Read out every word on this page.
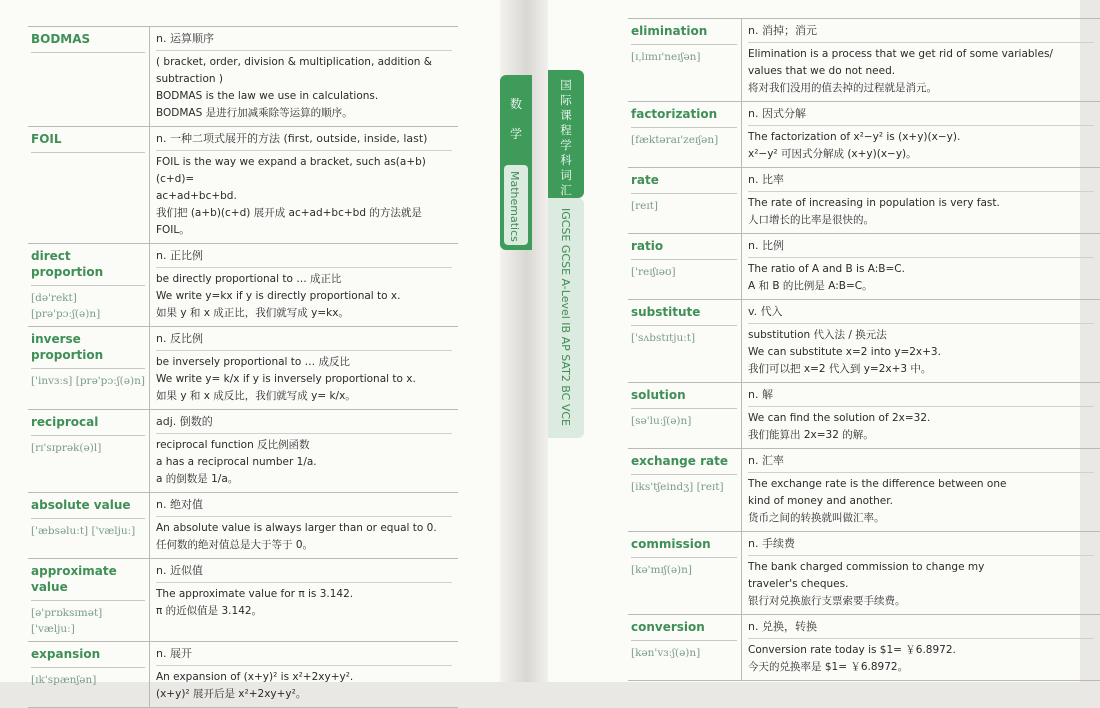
BODMAS	n. 运算顺序
( bracket, order, division & multiplication, addition &
subtraction )
BODMAS is the law we use in calculations.
BODMAS 是进行加减乘除等运算的顺序。
FOIL	n. 一种二项式展开的方法 (first, outside, inside, last)
FOIL is the way we expand a bracket, such as(a+b)(c+d)=
ac+ad+bc+bd.
我们把 (a+b)(c+d) 展开成 ac+ad+bc+bd 的方法就是 FOIL。
direct proportion
[də'rekt] [prə'pɔːʃ(ə)n]
n. 正比例
be directly proportional to … 成正比
We write y=kx if y is directly proportional to x.
如果 y 和 x 成正比，我们就写成 y=kx。
inverse proportion
['invɜːs] [prə'pɔːʃ(ə)n]
n. 反比例
be inversely proportional to … 成反比
We write y= k/x if y is inversely proportional to x.
如果 y 和 x 成反比，我们就写成 y= k/x。
reciprocal
[rɪ'sɪprək(ə)l]
adj. 倒数的
reciprocal function 反比例函数
a has a reciprocal number 1/a.
a 的倒数是 1/a。
absolute value
['æbsəluːt] ['væljuː]
n. 绝对值
An absolute value is always larger than or equal to 0.
任何数的绝对值总是大于等于 0。
approximate value
[ə'prɒksɪmət] ['væljuː]
n. 近似值
The approximate value for π is 3.142.
π 的近似值是 3.142。
expansion
[ɪk'spænʃən]
n. 展开
An expansion of (x+y)² is x²+2xy+y².
(x+y)² 展开后是 x²+2xy+y²。
数 学
Mathematics
elimination
[ɪˌlɪmɪ'neɪʃən]
n. 消掉；消元
Elimination is a process that we get rid of some variables/
values that we do not need.
将对我们没用的值去掉的过程就是消元。
factorization
[fæktəraɪ'zeɪʃən]
n. 因式分解
The factorization of x²−y² is (x+y)(x−y).
x²−y² 可因式分解成 (x+y)(x−y)。
rate
[reɪt]
n. 比率
The rate of increasing in population is very fast.
人口增长的比率是很快的。
ratio
['reɪʃɪəʊ]
n. 比例
The ratio of A and B is A:B=C.
A 和 B 的比例是 A:B=C。
substitute
['sʌbstɪtjuːt]
v. 代入
substitution 代入法 / 换元法
We can substitute x=2 into y=2x+3.
我们可以把 x=2 代入到 y=2x+3 中。
solution
[sə'luːʃ(ə)n]
n. 解
We can find the solution of 2x=32.
我们能算出 2x=32 的解。
exchange rate
[iks'tʃeindʒ] [reɪt]
n. 汇率
The exchange rate is the difference between one
kind of money and another.
货币之间的转换就叫做汇率。
commission
[kə'mɪʃ(ə)n]
n. 手续费
The bank charged commission to change my
traveler's cheques.
银行对兑换旅行支票索要手续费。
conversion
[kən'vɜːʃ(ə)n]
n. 兑换，转换
Conversion rate today is $1= ￥6.8972.
今天的兑换率是 $1= ￥6.8972。
国际课程学科词汇
IGCSE GCSE A-Level IB AP SAT2 BC VCE
